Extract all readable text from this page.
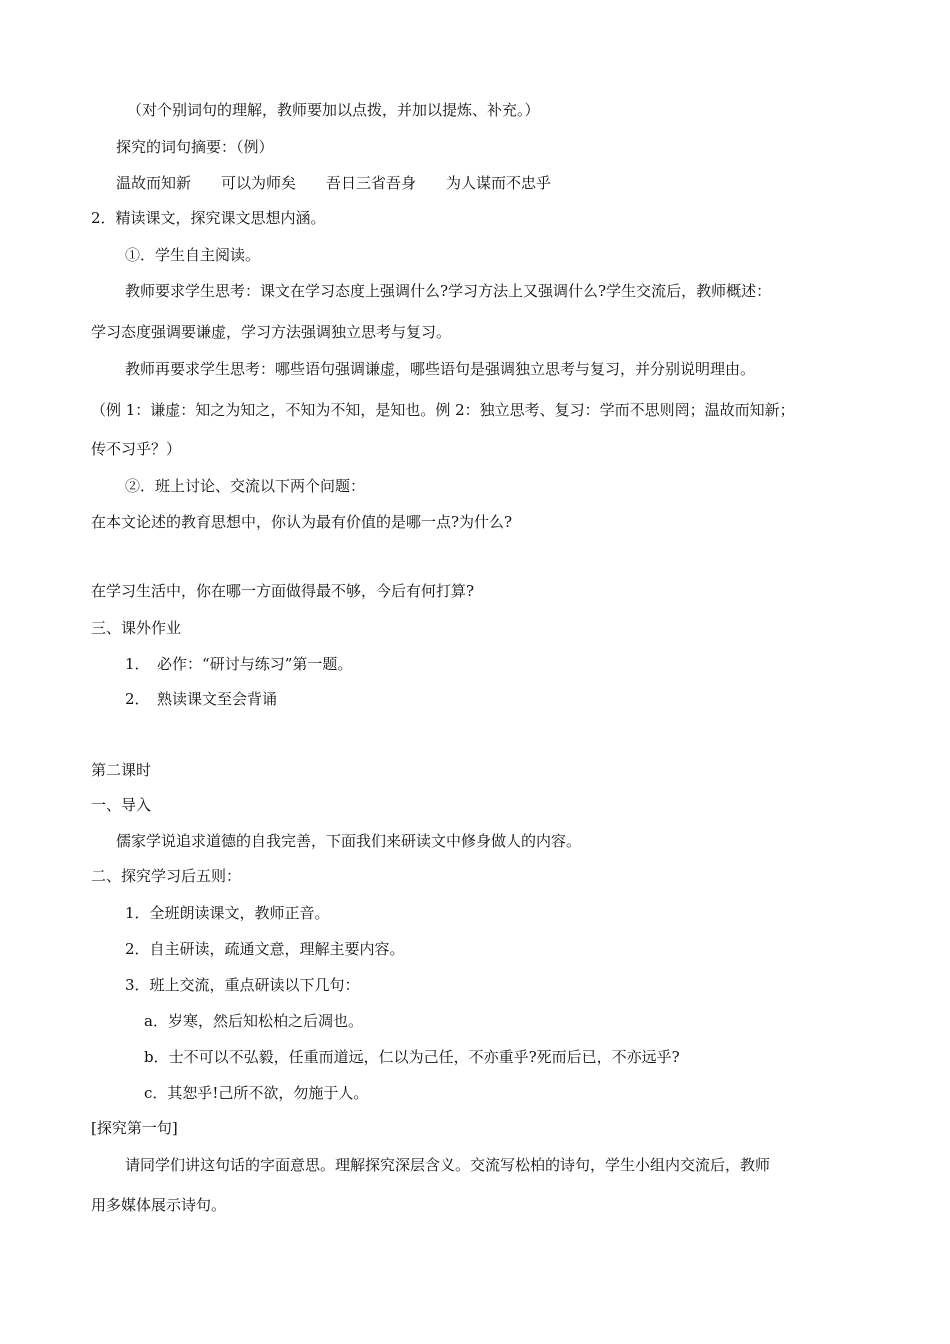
（对个别词句的理解，教师要加以点拨，并加以提炼、补充。）
探究的词句摘要：（例）
温故而知新　　可以为师矣　　吾日三省吾身　　为人谋而不忠乎
2．精读课文，探究课文思想内涵。
①．学生自主阅读。
教师要求学生思考：课文在学习态度上强调什么?学习方法上又强调什么?学生交流后，教师概述：
学习态度强调要谦虚，学习方法强调独立思考与复习。
教师再要求学生思考：哪些语句强调谦虚，哪些语句是强调独立思考与复习，并分别说明理由。
（例 1：谦虚：知之为知之，不知为不知，是知也。例 2：独立思考、复习：学而不思则罔；温故而知新；
传不习乎？）
②．班上讨论、交流以下两个问题：
在本文论述的教育思想中，你认为最有价值的是哪一点?为什么?
在学习生活中，你在哪一方面做得最不够，今后有何打算?
三、课外作业
1．　必作：“研讨与练习”第一题。
2．　熟读课文至会背诵
第二课时
一、导入
儒家学说追求道德的自我完善，下面我们来研读文中修身做人的内容。
二、探究学习后五则：
1．全班朗读课文，教师正音。
2．自主研读，疏通文意，理解主要内容。
3．班上交流，重点研读以下几句：
a．岁寒，然后知松柏之后凋也。
b．士不可以不弘毅，任重而道远，仁以为己任，不亦重乎?死而后已，不亦远乎?
c．其恕乎!己所不欲，勿施于人。
[探究第一句]
请同学们讲这句话的字面意思。理解探究深层含义。交流写松柏的诗句，学生小组内交流后，教师
用多媒体展示诗句。
